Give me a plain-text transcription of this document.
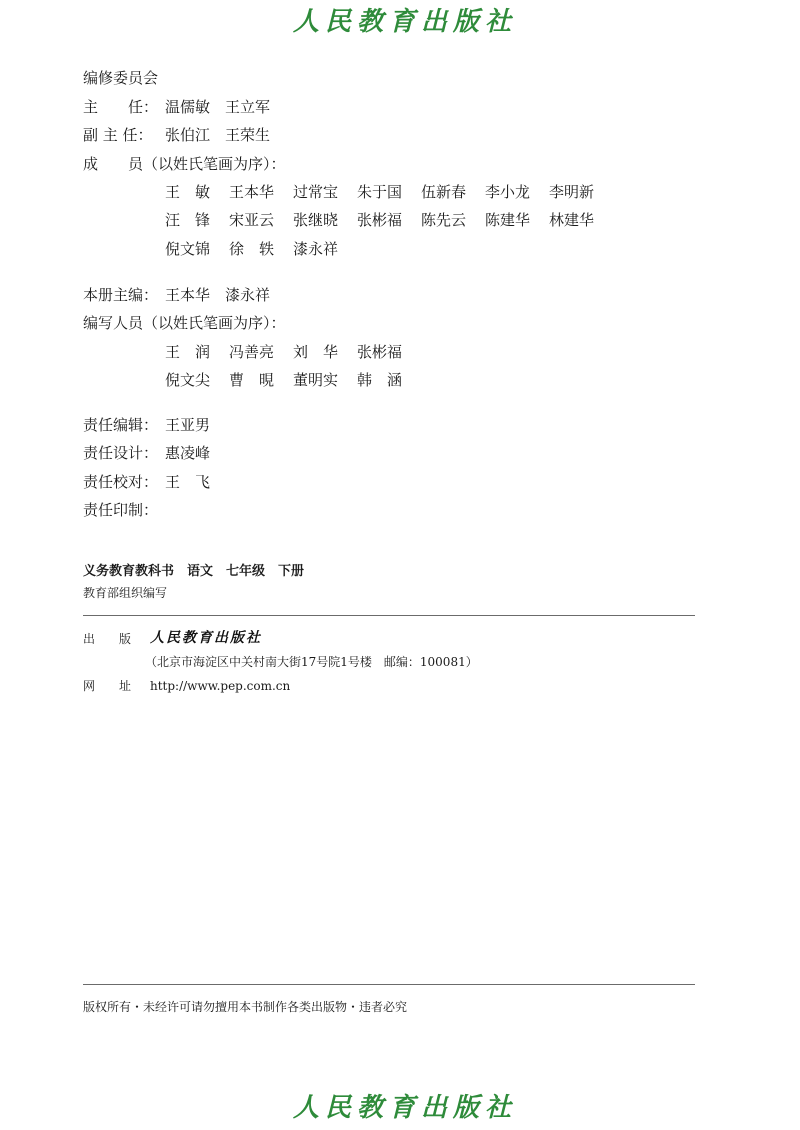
人民教育出版社
编修委员会
主　　任： 温儒敏　王立军
副 主 任： 张伯江　王荣生
成　　员（以姓氏笔画为序）：
王　敏	王本华	过常宝	朱于国	伍新春	李小龙	李明新
汪　锋	宋亚云	张继晓	张彬福	陈先云	陈建华	林建华
倪文锦	徐　轶	漆永祥
本册主编： 王本华　漆永祥
编写人员（以姓氏笔画为序）：
王　润	冯善亮	刘　华	张彬福
倪文尖	曹　晛	董明实	韩　涵
责任编辑： 王亚男
责任设计： 惠凌峰
责任校对： 王　飞
责任印制：
义务教育教科书　语文　七年级　下册
教育部组织编写
出　　版 人民教育出版社
（北京市海淀区中关村南大街17号院1号楼　邮编：100081）
网　　址 http://www.pep.com.cn
版权所有・未经许可请勿擅用本书制作各类出版物・违者必究
人民教育出版社
